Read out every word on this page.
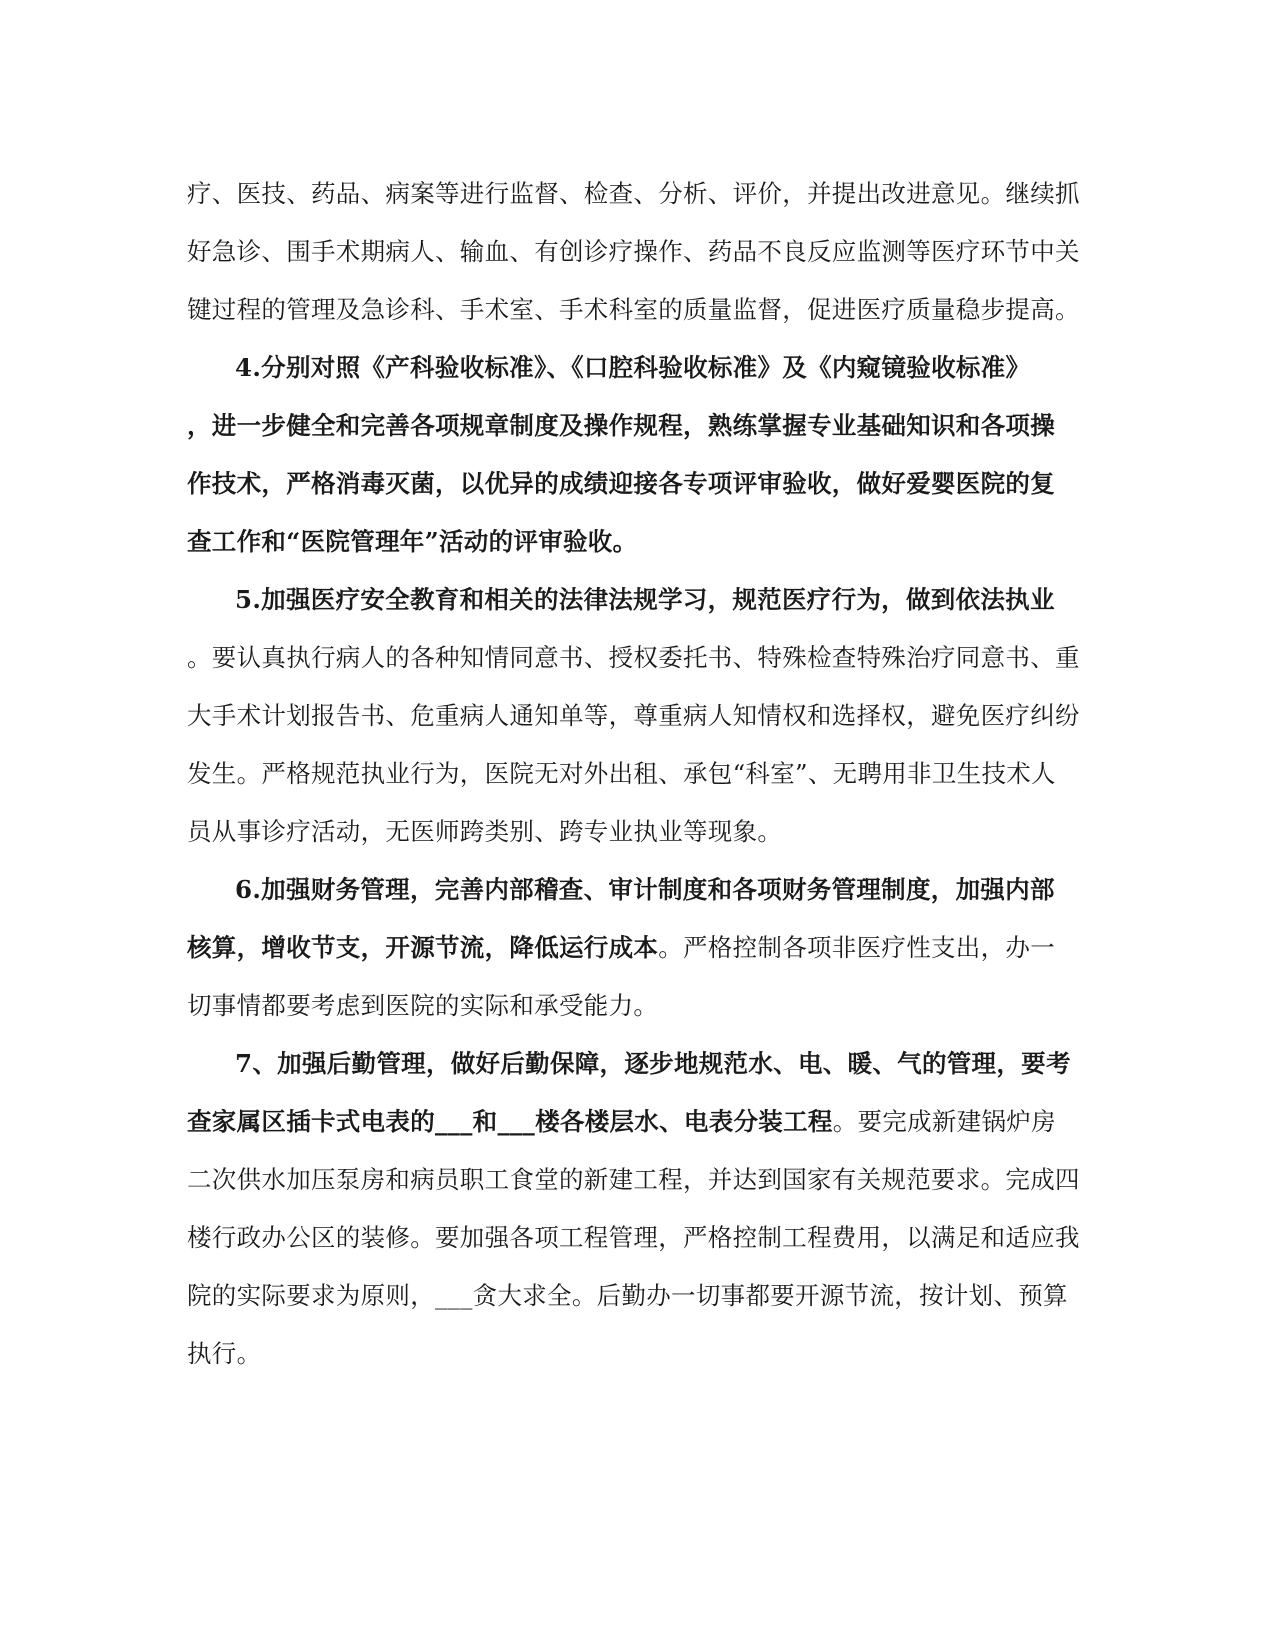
疗、医技、药品、病案等进行监督、检查、分析、评价，并提出改进意见。继续抓
好急诊、围手术期病人、输血、有创诊疗操作、药品不良反应监测等医疗环节中关
键过程的管理及急诊科、手术室、手术科室的质量监督，促进医疗质量稳步提高。
4.分别对照《产科验收标准》、《口腔科验收标准》及《内窥镜验收标准》
，进一步健全和完善各项规章制度及操作规程，熟练掌握专业基础知识和各项操
作技术，严格消毒灭菌，以优异的成绩迎接各专项评审验收，做好爱婴医院的复
查工作和“医院管理年”活动的评审验收。
5.加强医疗安全教育和相关的法律法规学习，规范医疗行为，做到依法执业
。要认真执行病人的各种知情同意书、授权委托书、特殊检查特殊治疗同意书、重
大手术计划报告书、危重病人通知单等，尊重病人知情权和选择权，避免医疗纠纷
发生。严格规范执业行为，医院无对外出租、承包“科室”、无聘用非卫生技术人
员从事诊疗活动，无医师跨类别、跨专业执业等现象。
6.加强财务管理，完善内部稽查、审计制度和各项财务管理制度，加强内部
核算，增收节支，开源节流，降低运行成本。严格控制各项非医疗性支出，办一
切事情都要考虑到医院的实际和承受能力。
7、加强后勤管理，做好后勤保障，逐步地规范水、电、暖、气的管理，要考
查家属区插卡式电表的___和___楼各楼层水、电表分装工程。要完成新建锅炉房
二次供水加压泵房和病员职工食堂的新建工程，并达到国家有关规范要求。完成四
楼行政办公区的装修。要加强各项工程管理，严格控制工程费用，以满足和适应我
院的实际要求为原则，___贪大求全。后勤办一切事都要开源节流，按计划、预算
执行。
